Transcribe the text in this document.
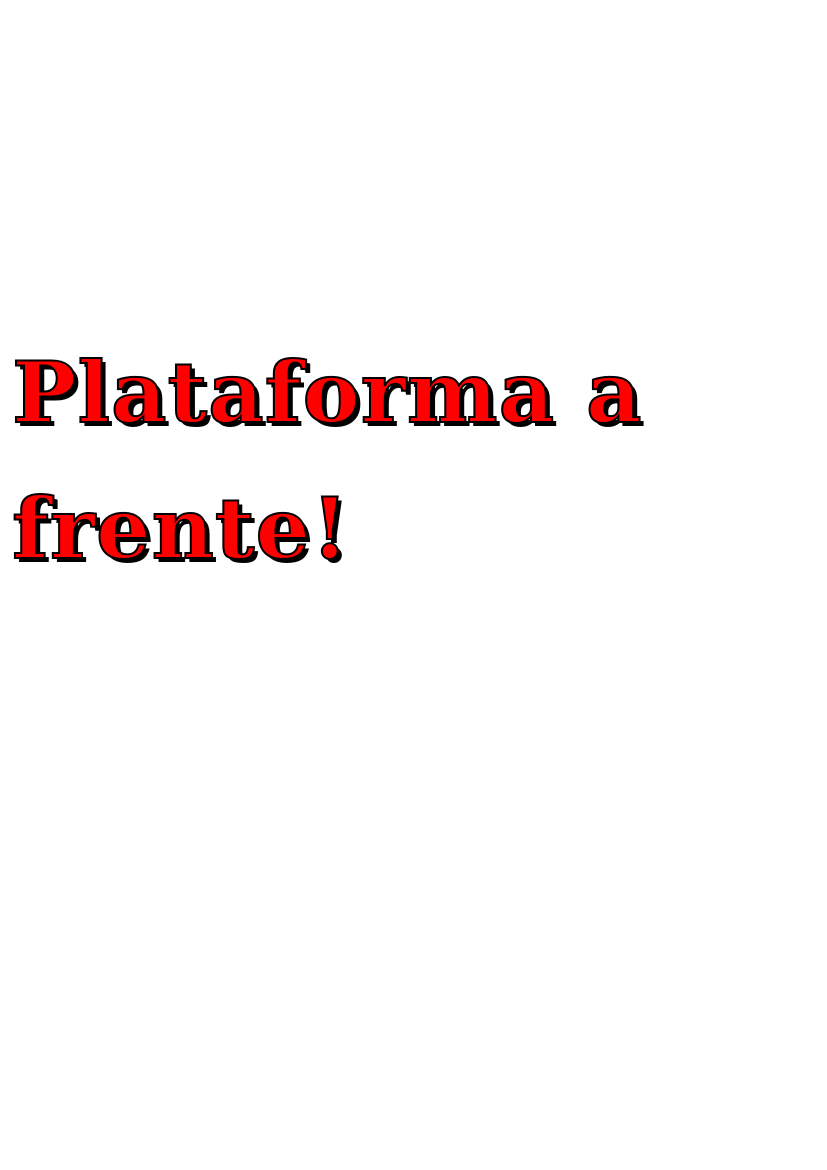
Plataforma a
frente!
